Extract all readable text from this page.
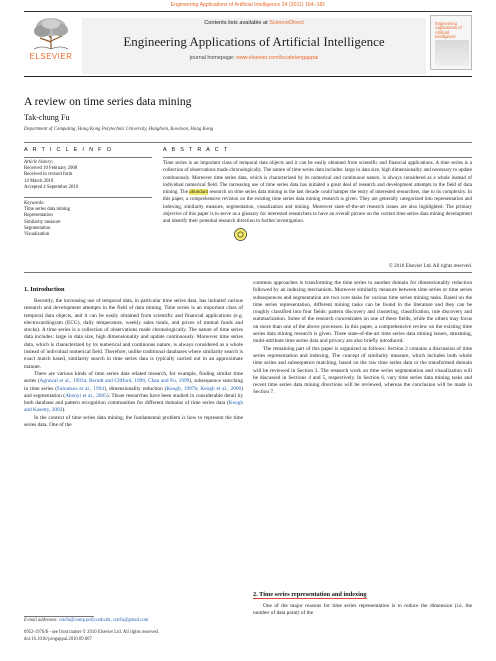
Engineering Applications of Artificial Intelligence 24 (2011) 164–181
ELSEVIER
Contents lists available at ScienceDirect
Engineering Applications of Artificial Intelligence
journal homepage: www.elsevier.com/locate/engappai
Engineering Applications of Artificial Intelligence
A review on time series data mining
Tak-chung Fu
Department of Computing, Hong Kong Polytechnic University, Hunghom, Kowloon, Hong Kong
A R T I C L E I N F O
Article history:
Received 10 February 2008
Received in revised form
14 March 2010
Accepted 4 September 2010
Keywords:
Time series data mining
Representation
Similarity measure
Segmentation
Visualization
A B S T R A C T
Time series is an important class of temporal data objects and it can be easily obtained from scientific and financial applications. A time series is a collection of observations made chronologically. The nature of time series data includes: large in data size, high dimensionality and necessary to update continuously. Moreover time series data, which is characterized by its numerical and continuous nature, is always considered as a whole instead of individual numerical field. The increasing use of time series data has initiated a great deal of research and development attempts in the field of data mining. The abundant research on time series data mining in the last decade could hamper the entry of interested researchers, due to its complexity. In this paper, a comprehensive revision on the existing time series data mining research is given. They are generally categorized into representation and indexing, similarity measure, segmentation, visualization and mining. Moreover state-of-the-art research issues are also highlighted. The primary objective of this paper is to serve as a glossary for interested researchers to have an overall picture on the current time series data mining development and identify their potential research direction to further investigation.
© 2010 Elsevier Ltd. All rights reserved.
1. Introduction

Recently, the increasing use of temporal data, in particular time series data, has initiated various research and development attempts in the field of data mining. Time series is an important class of temporal data objects, and it can be easily obtained from scientific and financial applications (e.g. electrocardiogram (ECG), daily temperature, weekly sales totals, and prices of mutual funds and stocks). A time series is a collection of observations made chronologically. The nature of time series data includes: large in data size, high dimensionality and update continuously. Moreover time series data, which is characterized by its numerical and continuous nature, is always considered as a whole instead of individual numerical field. Therefore, unlike traditional databases where similarity search is exact match based, similarity search in time series data is typically carried out in an approximate manner.

There are various kinds of time series data related research, for example, finding similar time series (Agrawal et al., 1993a; Berndt and Clifford, 1996; Chan and Fu, 1999), subsequence searching in time series (Faloutsos et al., 1994), dimensionality reduction (Keogh, 1997b; Keogh et al., 2000) and segmentation (Abonyi et al., 2005). Those researches have been studied in considerable detail by both database and pattern recognition communities for different domains of time series data (Keogh and Kasetty, 2002).

In the context of time series data mining, the fundamental problem is how to represent the time series data. One of the

common approaches is transforming the time series to another domain for dimensionality reduction followed by an indexing mechanism. Moreover similarity measure between time series or time series subsequences and segmentation are two core tasks for various time series mining tasks. Based on the time series representation, different mining tasks can be found in the literature and they can be roughly classified into four fields: pattern discovery and clustering, classification, rule discovery and summarization. Some of the research concentrates on one of these fields, while the others may focus on more than one of the above processes. In this paper, a comprehensive review on the existing time series data mining research is given. Three state-of-the-art time series data mining issues, streaming, multi-attribute time series data and privacy are also briefly introduced.

The remaining part of this paper is organized as follows: Section 2 contains a discussion of time series representation and indexing. The concept of similarity measure, which includes both whole time series and subsequence matching, based on the raw time series data or the transformed domain will be reviewed in Section 3. The research work on time series segmentation and visualization will be discussed in Sections 4 and 5, respectively. In Section 6, vary time series data mining tasks and recent time series data mining directions will be reviewed, whereas the conclusion will be made in Section 7.

2. Time series representation and indexing

One of the major reasons for time series representation is to reduce the dimension (i.e. the number of data point) of the

E-mail addresses: cstcfu@comp.polyu.edu.hk, cstcfu@gmail.com
0952-1976/$ - see front matter © 2010 Elsevier Ltd. All rights reserved.
doi:10.1016/j.engappai.2010.09.007
